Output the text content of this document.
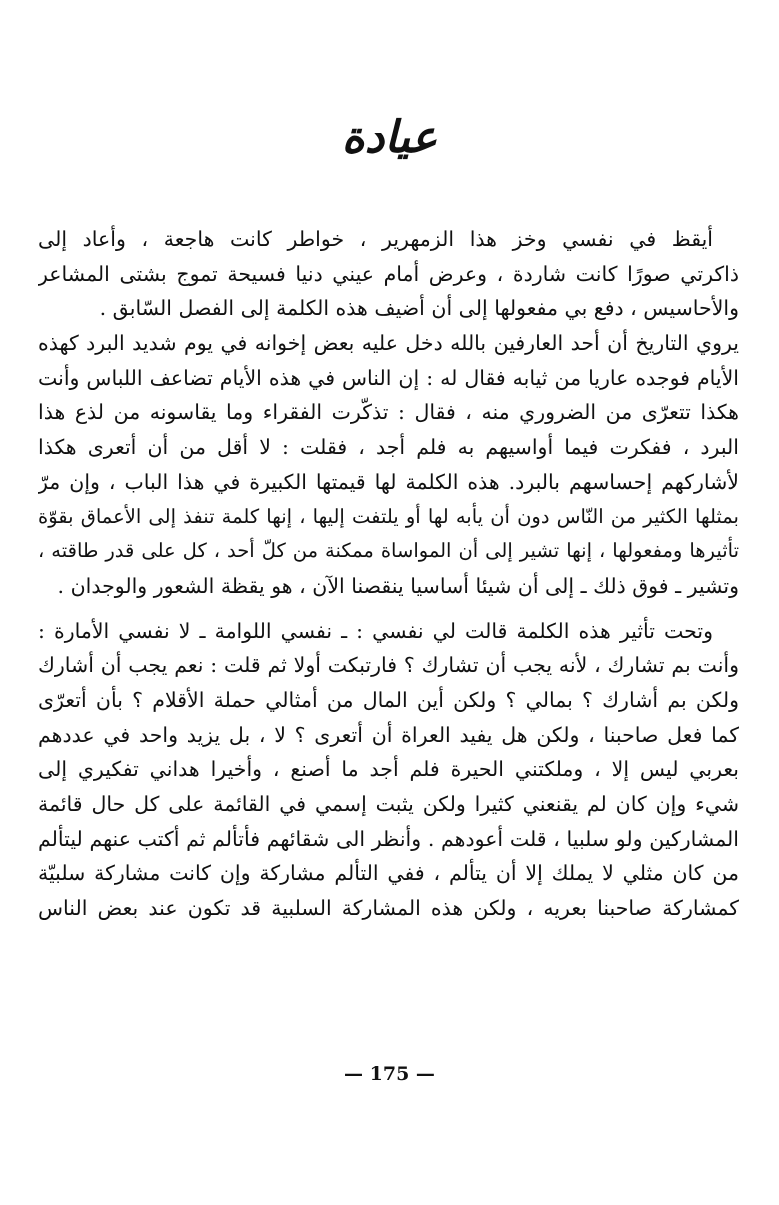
عيادة
أيقظ في نفسي وخز هذا الزمهرير ، خواطر كانت هاجعة ، وأعاد إلى
ذاكرتي صورًا كانت شاردة ، وعرض أمام عيني دنيا فسيحة تموج بشتى المشاعر
والأحاسيس ، دفع بي مفعولها إلى أن أضيف هذه الكلمة إلى الفصل السّابق .
يروي التاريخ أن أحد العارفين بالله دخل عليه بعض إخوانه في يوم شديد البرد كهذه
الأيام فوجده عاريا من ثيابه فقال له : إن الناس في هذه الأيام تضاعف اللباس وأنت
هكذا تتعرّى من الضروري منه ، فقال : تذكّرت الفقراء وما يقاسونه من لذع هذا
البرد ، ففكرت فيما أواسيهم به فلم أجد ، فقلت : لا أقل من أن أتعرى هكذا
لأشاركهم إحساسهم بالبرد. هذه الكلمة لها قيمتها الكبيرة في هذا الباب ، وإن مرّ
بمثلها الكثير من النّاس دون أن يأبه لها أو يلتفت إليها ، إنها كلمة تنفذ إلى الأعماق بقوّة
تأثيرها ومفعولها ، إنها تشير إلى أن المواساة ممكنة من كلّ أحد ، كل على قدر طاقته ،
وتشير ـ فوق ذلك ـ إلى أن شيئا أساسيا ينقصنا الآن ، هو يقظة الشعور والوجدان .
وتحت تأثير هذه الكلمة قالت لي نفسي : ـ نفسي اللوامة ـ لا نفسي الأمارة :
وأنت بم تشارك ، لأنه يجب أن تشارك ؟ فارتبكت أولا ثم قلت : نعم يجب أن أشارك
ولكن بم أشارك ؟ بمالي ؟ ولكن أين المال من أمثالي حملة الأقلام ؟ بأن أتعرّى
كما فعل صاحبنا ، ولكن هل يفيد العراة أن أتعرى ؟ لا ، بل يزيد واحد في عددهم
بعربي ليس إلا ، وملكتني الحيرة فلم أجد ما أصنع ، وأخيرا هداني تفكيري إلى
شيء وإن كان لم يقنعني كثيرا ولكن يثبت إسمي في القائمة على كل حال قائمة
المشاركين ولو سلبيا ، قلت أعودهم . وأنظر الى شقائهم فأتألم ثم أكتب عنهم ليتألم
من كان مثلي لا يملك إلا أن يتألم ، ففي التألم مشاركة وإن كانت مشاركة سلبيّة
كمشاركة صاحبنا بعريه ، ولكن هذه المشاركة السلبية قد تكون عند بعض الناس
— 175 —
